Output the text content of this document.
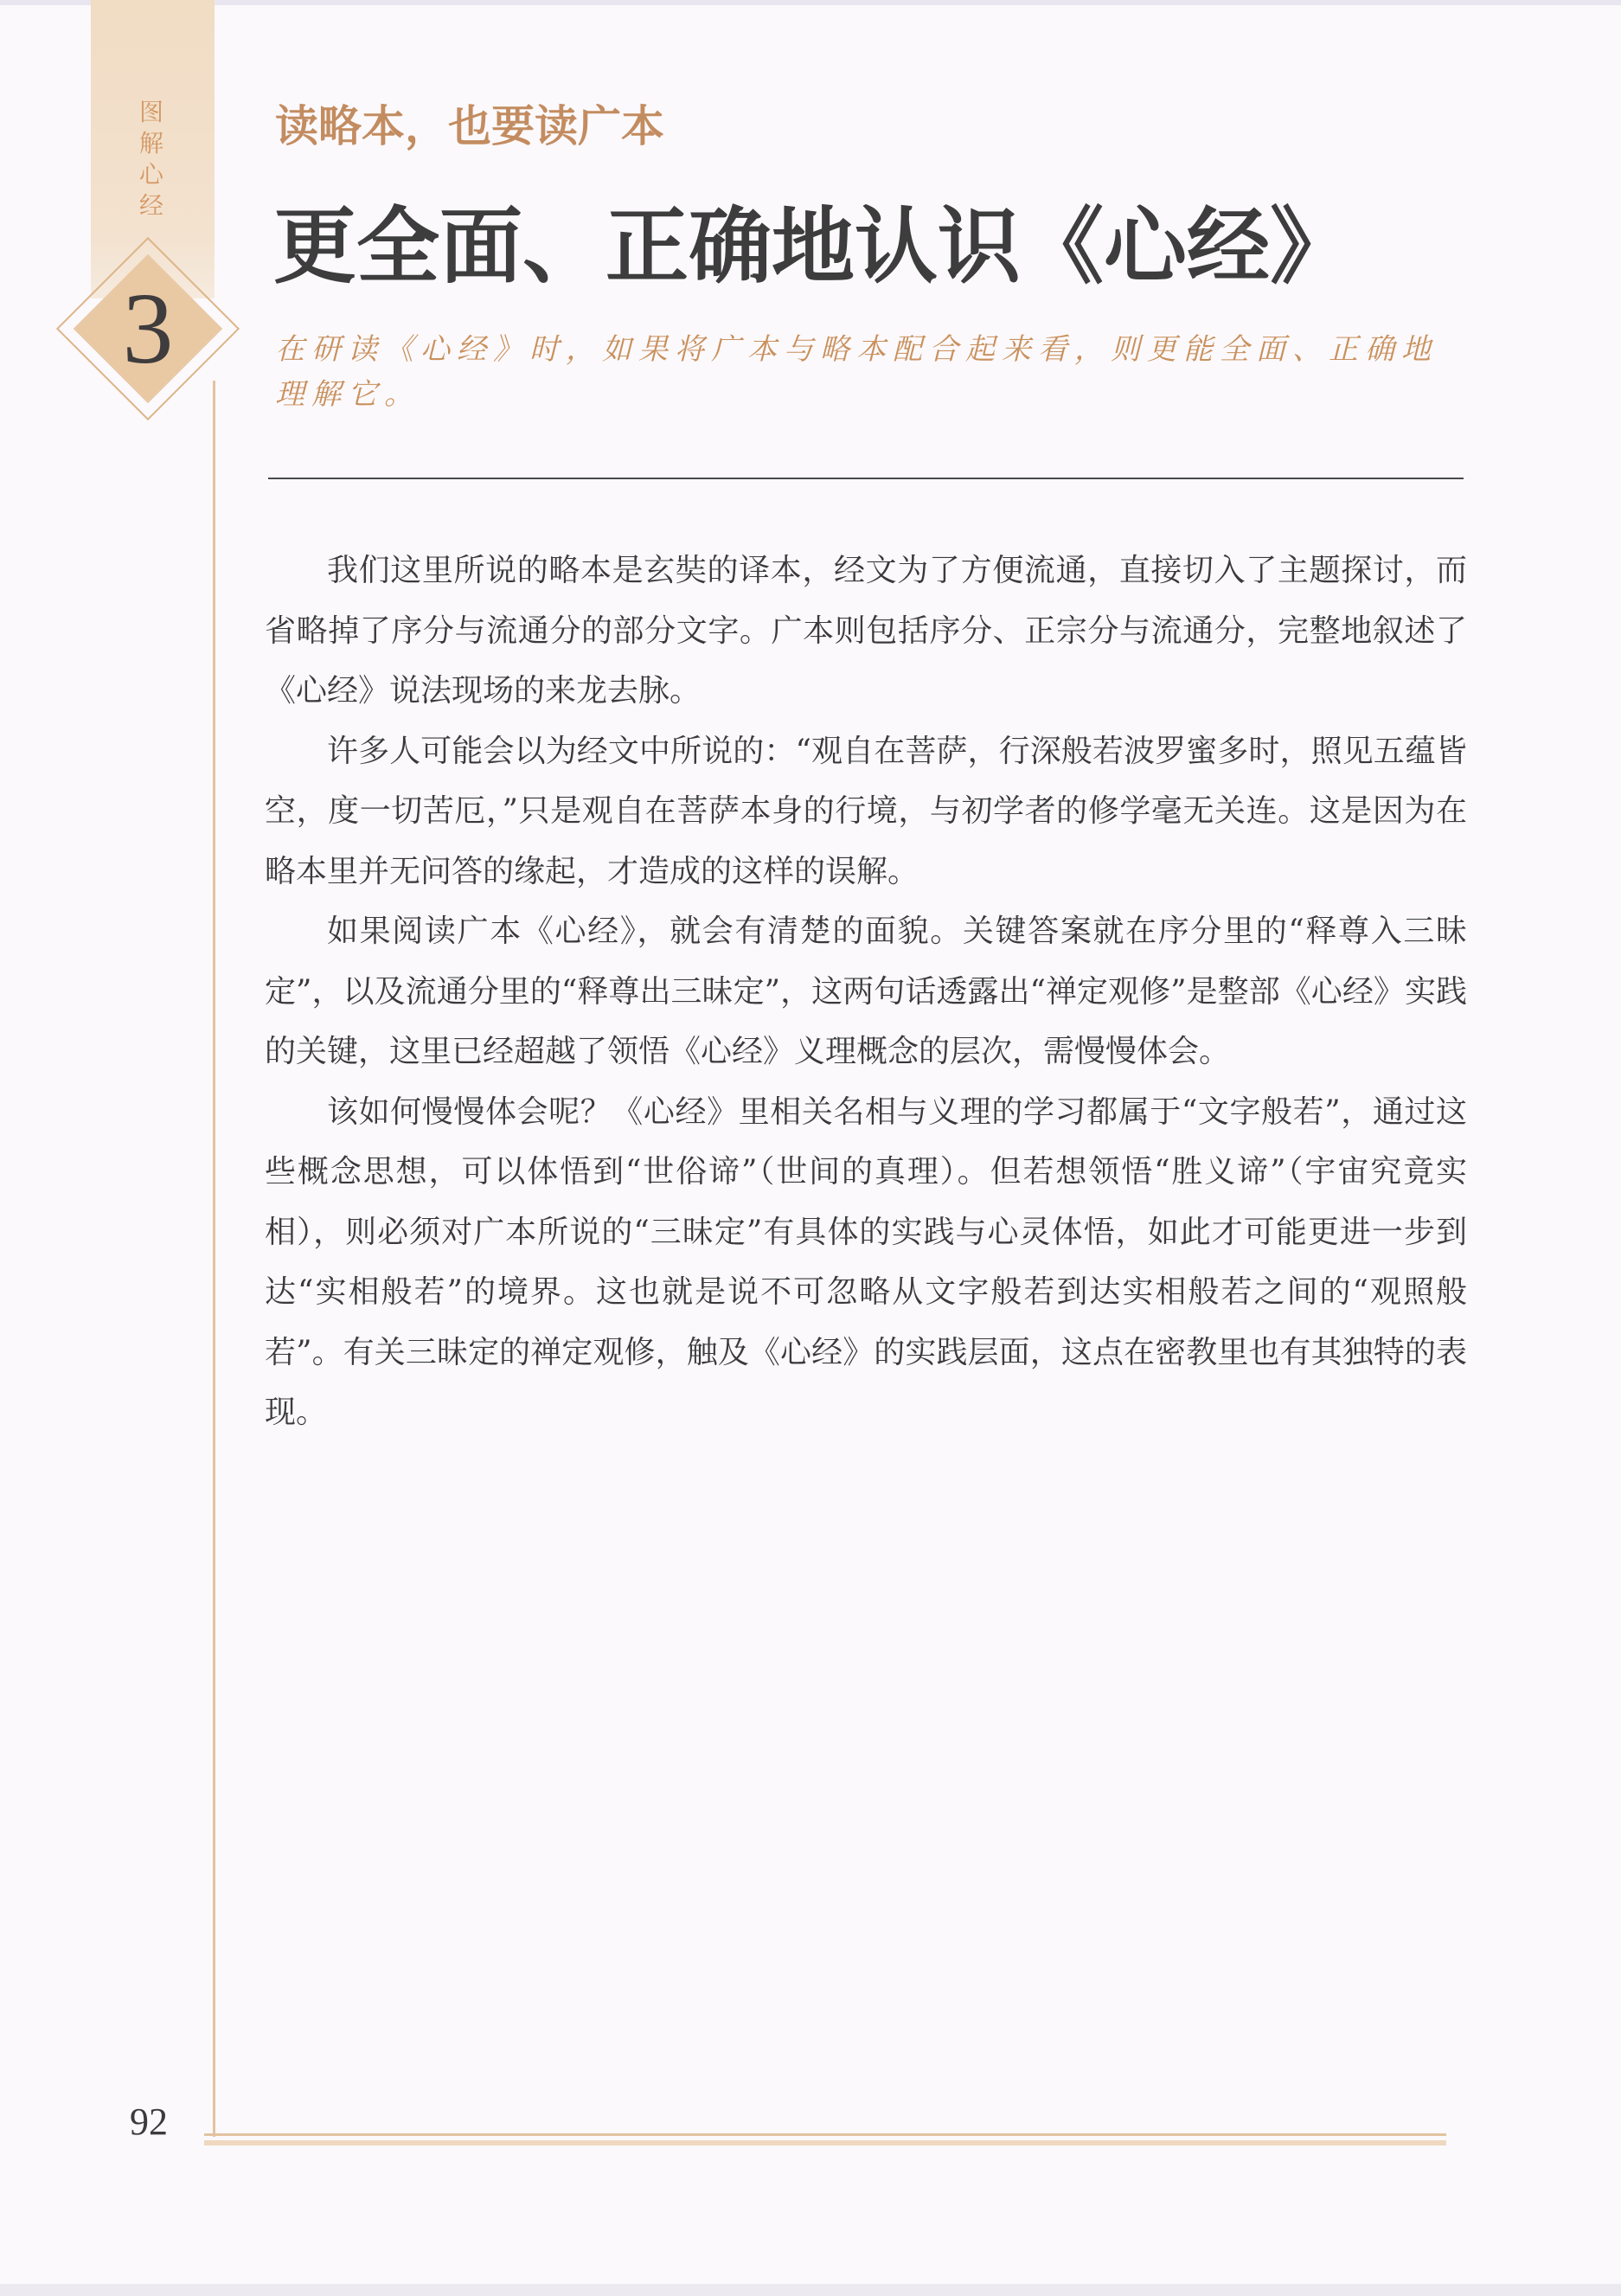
图解心经
3
读略本，也要读广本
更全面、正确地认识《心经》
在研读《心经》时，如果将广本与略本配合起来看，则更能全面、正确地理解它。

我们这里所说的略本是玄奘的译本，经文为了方便流通，直接切入了主题探讨，而省略掉了序分与流通分的部分文字。广本则包括序分、正宗分与流通分，完整地叙述了《心经》说法现场的来龙去脉。

许多人可能会以为经文中所说的：“观自在菩萨，行深般若波罗蜜多时，照见五蕴皆空，度一切苦厄，”只是观自在菩萨本身的行境，与初学者的修学毫无关连。这是因为在略本里并无问答的缘起，才造成的这样的误解。

如果阅读广本《心经》，就会有清楚的面貌。关键答案就在序分里的“释尊入三昧定”，以及流通分里的“释尊出三昧定”，这两句话透露出“禅定观修”是整部《心经》实践的关键，这里已经超越了领悟《心经》义理概念的层次，需慢慢体会。

该如何慢慢体会呢？《心经》里相关名相与义理的学习都属于“文字般若”，通过这些概念思想，可以体悟到“世俗谛”（世间的真理）。但若想领悟“胜义谛”（宇宙究竟实相），则必须对广本所说的“三昧定”有具体的实践与心灵体悟，如此才可能更进一步到达“实相般若”的境界。这也就是说不可忽略从文字般若到达实相般若之间的“观照般若”。有关三昧定的禅定观修，触及《心经》的实践层面，这点在密教里也有其独特的表现。

92
